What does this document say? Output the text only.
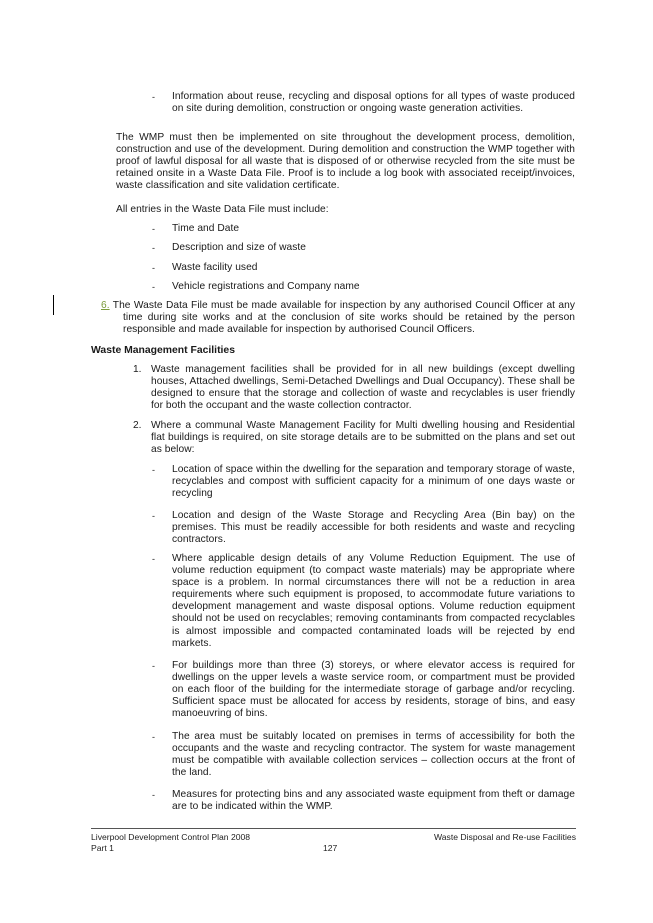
- Information about reuse, recycling and disposal options for all types of waste produced on site during demolition, construction or ongoing waste generation activities.

The WMP must then be implemented on site throughout the development process, demolition, construction and use of the development. During demolition and construction the WMP together with proof of lawful disposal for all waste that is disposed of or otherwise recycled from the site must be retained onsite in a Waste Data File. Proof is to include a log book with associated receipt/invoices, waste classification and site validation certificate.

All entries in the Waste Data File must include:

- Time and Date

- Description and size of waste

- Waste facility used

- Vehicle registrations and Company name

6. The Waste Data File must be made available for inspection by any authorised Council Officer at any time during site works and at the conclusion of site works should be retained by the person responsible and made available for inspection by authorised Council Officers.

Waste Management Facilities

1. Waste management facilities shall be provided for in all new buildings (except dwelling houses, Attached dwellings, Semi-Detached Dwellings and Dual Occupancy). These shall be designed to ensure that the storage and collection of waste and recyclables is user friendly for both the occupant and the waste collection contractor.

2. Where a communal Waste Management Facility for Multi dwelling housing and Residential flat buildings is required, on site storage details are to be submitted on the plans and set out as below:

- Location of space within the dwelling for the separation and temporary storage of waste, recyclables and compost with sufficient capacity for a minimum of one days waste or recycling

- Location and design of the Waste Storage and Recycling Area (Bin bay) on the premises. This must be readily accessible for both residents and waste and recycling contractors.

- Where applicable design details of any Volume Reduction Equipment. The use of volume reduction equipment (to compact waste materials) may be appropriate where space is a problem. In normal circumstances there will not be a reduction in area requirements where such equipment is proposed, to accommodate future variations to development management and waste disposal options. Volume reduction equipment should not be used on recyclables; removing contaminants from compacted recyclables is almost impossible and compacted contaminated loads will be rejected by end markets.

- For buildings more than three (3) storeys, or where elevator access is required for dwellings on the upper levels a waste service room, or compartment must be provided on each floor of the building for the intermediate storage of garbage and/or recycling. Sufficient space must be allocated for access by residents, storage of bins, and easy manoeuvring of bins.

- The area must be suitably located on premises in terms of accessibility for both the occupants and the waste and recycling contractor. The system for waste management must be compatible with available collection services – collection occurs at the front of the land.

- Measures for protecting bins and any associated waste equipment from theft or damage are to be indicated within the WMP.

Liverpool Development Control Plan 2008

Part 1	127

Waste Disposal and Re-use Facilities
